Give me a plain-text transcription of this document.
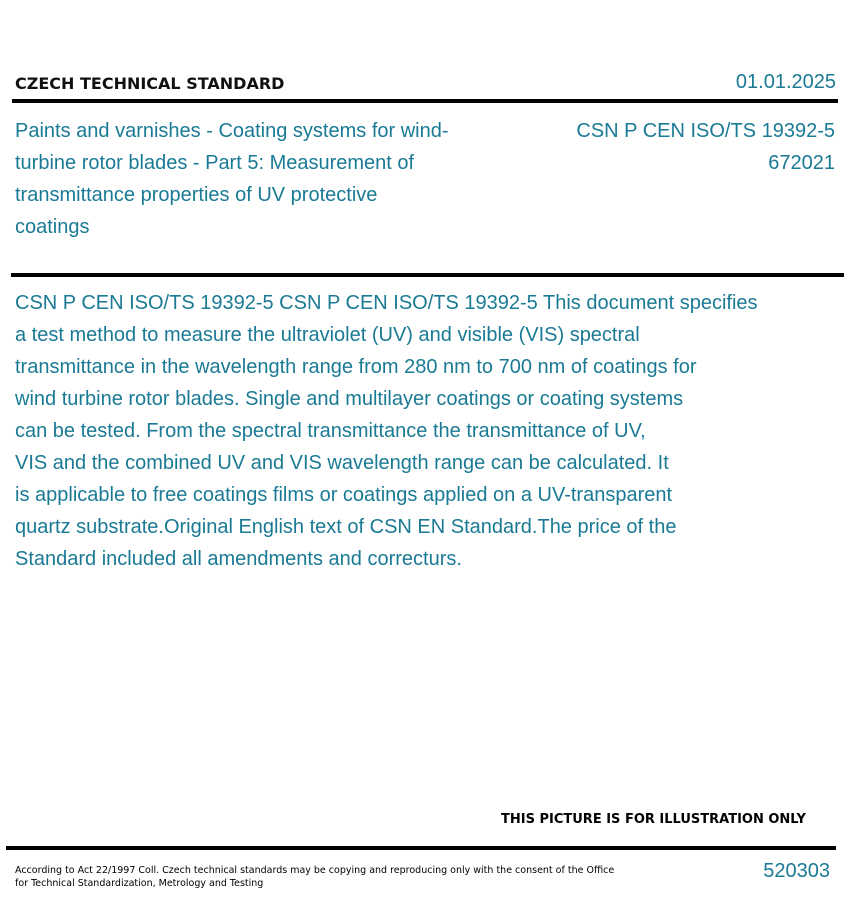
CZECH TECHNICAL STANDARD	01.01.2025
Paints and varnishes - Coating systems for wind-turbine rotor blades - Part 5: Measurement of transmittance properties of UV protective coatings
CSN P CEN ISO/TS 19392-5
672021
CSN P CEN ISO/TS 19392-5 CSN P CEN ISO/TS 19392-5 This document specifies
a test method to measure the ultraviolet (UV) and visible (VIS) spectral
transmittance in the wavelength range from 280 nm to 700 nm of coatings for
wind turbine rotor blades. Single and multilayer coatings or coating systems
can be tested. From the spectral transmittance the transmittance of UV,
VIS and the combined UV and VIS wavelength range can be calculated. It
is applicable to free coatings films or coatings applied on a UV-transparent
quartz substrate.Original English text of CSN EN Standard.The price of the
Standard included all amendments and correcturs.
THIS PICTURE IS FOR ILLUSTRATION ONLY
According to Act 22/1997 Coll. Czech technical standards may be copying and reproducing only with the consent of the Office
for Technical Standardization, Metrology and Testing
520303
